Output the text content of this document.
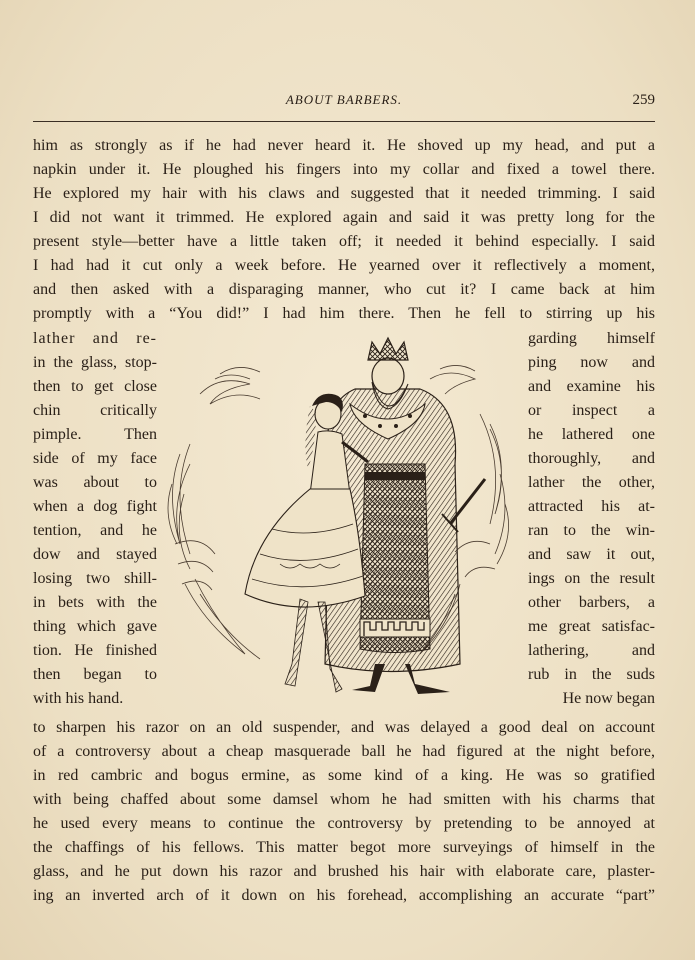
ABOUT BARBERS.	259
him as strongly as if he had never heard it. He shoved up my head, and put a
napkin under it. He ploughed his fingers into my collar and fixed a towel there.
He explored my hair with his claws and suggested that it needed trimming. I said
I did not want it trimmed. He explored again and said it was pretty long for the
present style—better have a little taken off; it needed it behind especially. I said
I had had it cut only a week before. He yearned over it reflectively a moment,
and then asked with a disparaging manner, who cut it? I came back at him
promptly with a “You did!” I had him there. Then he fell to stirring up his
lather and re-
in the glass, stop-
then to get close
chin critically
pimple. Then
side of my face
was about to
when a dog fight
tention, and he
dow and stayed
losing two shill-
in bets with the
thing which gave
tion. He finished
then began to
with his hand.
garding himself
ping now and
and examine his
or inspect a
he lathered one
thoroughly, and
lather the other,
attracted his at-
ran to the win-
and saw it out,
ings on the result
other barbers, a
me great satisfac-
lathering, and
rub in the suds
He now began
to sharpen his razor on an old suspender, and was delayed a good deal on account
of a controversy about a cheap masquerade ball he had figured at the night before,
in red cambric and bogus ermine, as some kind of a king. He was so gratified
with being chaffed about some damsel whom he had smitten with his charms that
he used every means to continue the controversy by pretending to be annoyed at
the chaffings of his fellows. This matter begot more surveyings of himself in the
glass, and he put down his razor and brushed his hair with elaborate care, plaster-
ing an inverted arch of it down on his forehead, accomplishing an accurate “part”
